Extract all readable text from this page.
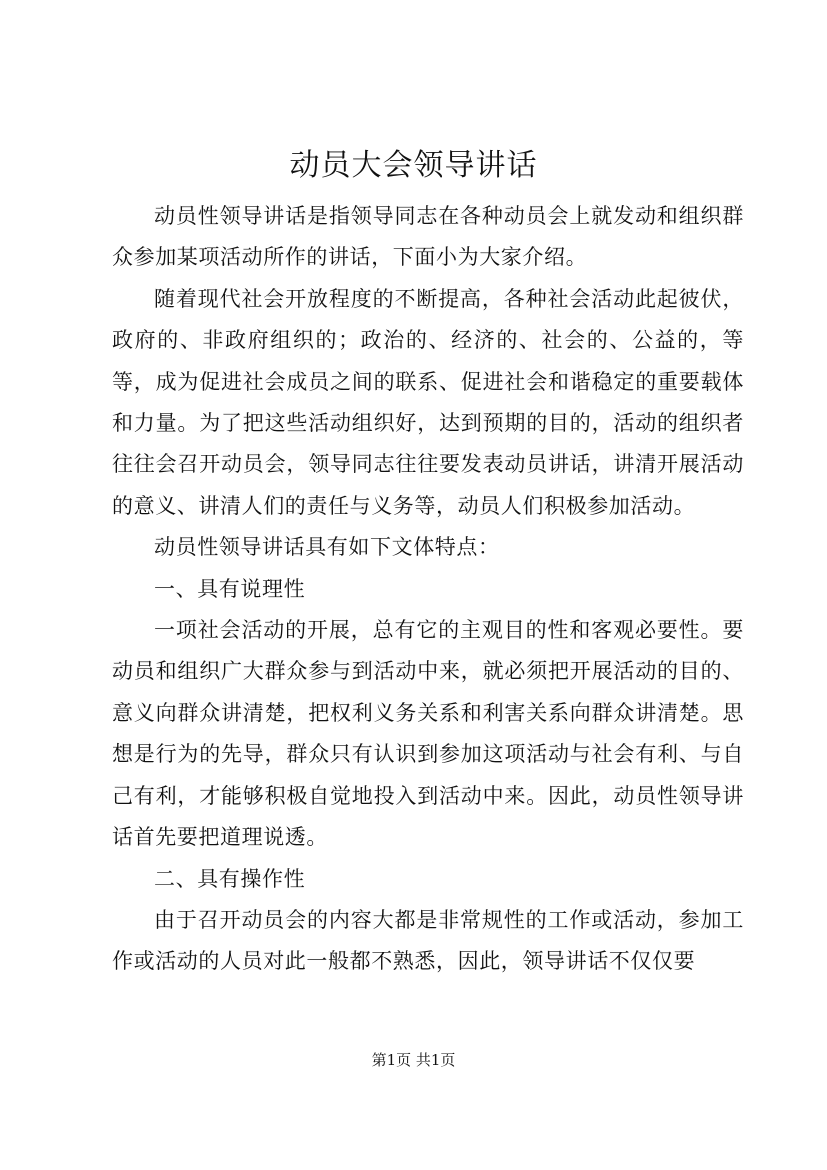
动员大会领导讲话

动员性领导讲话是指领导同志在各种动员会上就发动和组织群众参加某项活动所作的讲话，下面小为大家介绍。

随着现代社会开放程度的不断提高，各种社会活动此起彼伏，政府的、非政府组织的；政治的、经济的、社会的、公益的，等等，成为促进社会成员之间的联系、促进社会和谐稳定的重要载体和力量。为了把这些活动组织好，达到预期的目的，活动的组织者往往会召开动员会，领导同志往往要发表动员讲话，讲清开展活动的意义、讲清人们的责任与义务等，动员人们积极参加活动。

动员性领导讲话具有如下文体特点：

一、具有说理性

一项社会活动的开展，总有它的主观目的性和客观必要性。要动员和组织广大群众参与到活动中来，就必须把开展活动的目的、意义向群众讲清楚，把权利义务关系和利害关系向群众讲清楚。思想是行为的先导，群众只有认识到参加这项活动与社会有利、与自己有利，才能够积极自觉地投入到活动中来。因此，动员性领导讲话首先要把道理说透。

二、具有操作性

由于召开动员会的内容大都是非常规性的工作或活动，参加工作或活动的人员对此一般都不熟悉，因此，领导讲话不仅仅要

第1页 共1页
